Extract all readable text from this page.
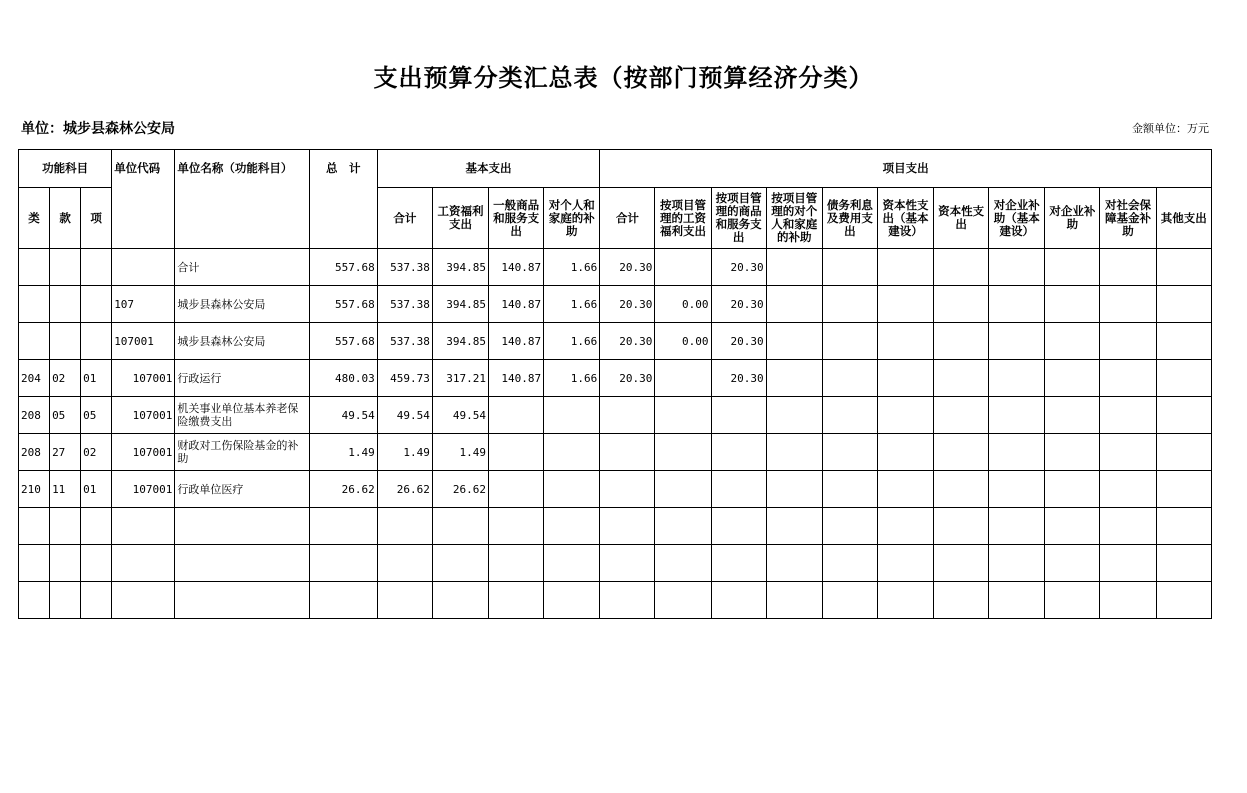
支出预算分类汇总表（按部门预算经济分类）
单位：城步县森林公安局	金额单位：万元
功能科目			单位代码	单位名称（功能科目）	总　计	基本支出				项目支出										
类	款	项				合计	工资福利支出	一般商品和服务支出	对个人和家庭的补助	合计	按项目管理的工资福利支出	按项目管理的商品和服务支出	按项目管理的对个人和家庭的补助	债务利息及费用支出	资本性支出（基本建设）	资本性支出	对企业补助（基本建设）	对企业补助	对社会保障基金补助	其他支出
				合计	557.68	537.38	394.85	140.87	1.66	20.30		20.30								
			107	城步县森林公安局	557.68	537.38	394.85	140.87	1.66	20.30	0.00	20.30								
			107001	城步县森林公安局	557.68	537.38	394.85	140.87	1.66	20.30	0.00	20.30								
204	02	01	107001	行政运行	480.03	459.73	317.21	140.87	1.66	20.30		20.30								
208	05	05	107001	机关事业单位基本养老保险缴费支出	49.54	49.54	49.54													
208	27	02	107001	财政对工伤保险基金的补助	1.49	1.49	1.49													
210	11	01	107001	行政单位医疗	26.62	26.62	26.62													
